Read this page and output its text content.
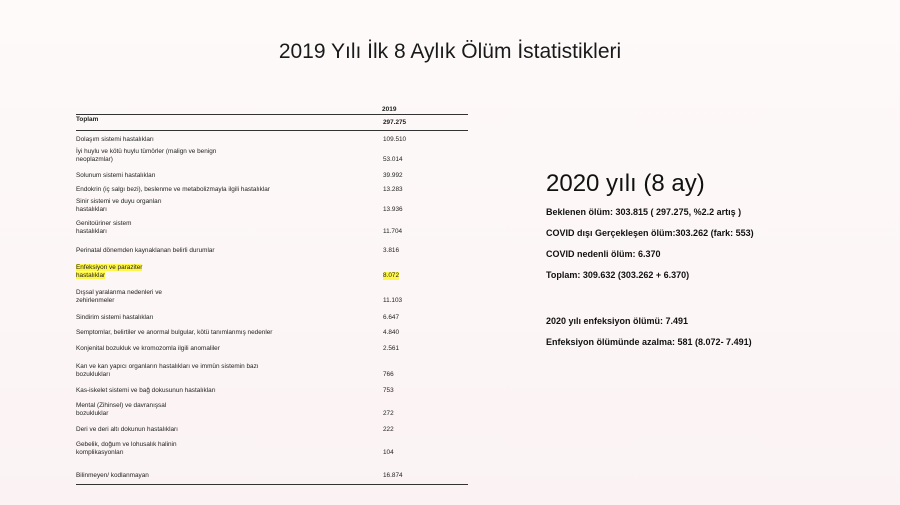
2019 Yılı İlk 8 Aylık Ölüm İstatistikleri
2019
Toplam	297.275
Dolaşım sistemi hastalıkları	109.510
İyi huylu ve kötü huylu tümörler (malign ve benign
neoplazmlar)	53.014
Solunum sistemi hastalıkları	39.992
Endokrin (iç salgı bezi), beslenme ve metabolizmayla ilgili hastalıklar	13.283
Sinir sistemi ve duyu organları
hastalıkları	13.936
Genitoüriner sistem
hastalıkları	11.704
Perinatal dönemden kaynaklanan belirli durumlar	3.816
Enfeksiyon ve paraziter
hastalıklar	8.072
Dışsal yaralanma nedenleri ve
zehirlenmeler	11.103
Sindirim sistemi hastalıkları	6.647
Semptomlar, belirtiler ve anormal bulgular, kötü tanımlanmış nedenler	4.840
Konjenital bozukluk ve kromozomla ilgili anomaliler	2.561
Kan ve kan yapıcı organların hastalıkları ve immün sistemin bazı
bozuklukları	766
Kas-iskelet sistemi ve bağ dokusunun hastalıkları	753
Mental (Zihinsel) ve davranışsal
bozukluklar	272
Deri ve deri altı dokunun hastalıkları	222
Gebelik, doğum ve lohusalık halinin
komplikasyonları	104
Bilinmeyen/ kodlanmayan	16.874
2020 yılı (8 ay)
Beklenen ölüm: 303.815 ( 297.275, %2.2 artış )
COVID dışı Gerçekleşen ölüm:303.262 (fark: 553)
COVID nedenli ölüm: 6.370
Toplam: 309.632 (303.262 + 6.370)
2020 yılı enfeksiyon ölümü: 7.491
Enfeksiyon ölümünde azalma: 581 (8.072- 7.491)
